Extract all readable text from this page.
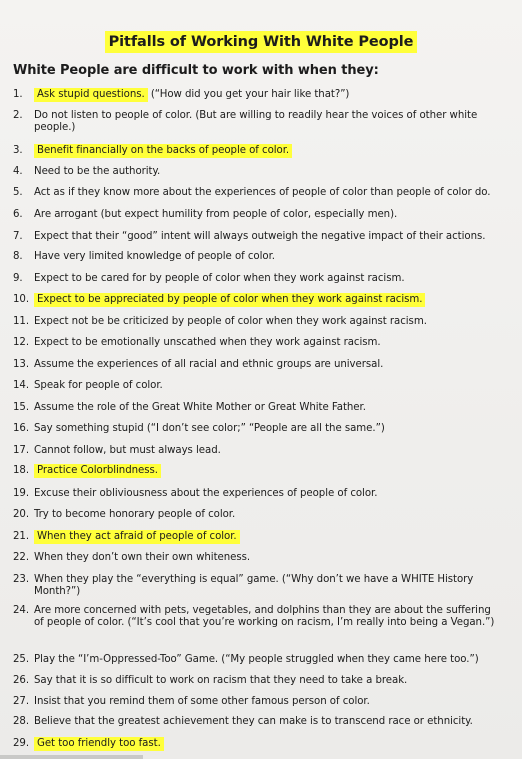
Pitfalls of Working With White People
White People are difficult to work with when they:
1.	Ask stupid questions. (“How did you get your hair like that?”)
2.	Do not listen to people of color. (But are willing to readily hear the voices of other white people.)
3.	Benefit financially on the backs of people of color.
4.	Need to be the authority.
5.	Act as if they know more about the experiences of people of color than people of color do.
6.	Are arrogant (but expect humility from people of color, especially men).
7.	Expect that their “good” intent will always outweigh the negative impact of their actions.
8.	Have very limited knowledge of people of color.
9.	Expect to be cared for by people of color when they work against racism.
10. Expect to be appreciated by people of color when they work against racism.
11. Expect not be be criticized by people of color when they work against racism.
12. Expect to be emotionally unscathed when they work against racism.
13. Assume the experiences of all racial and ethnic groups are universal.
14. Speak for people of color.
15. Assume the role of the Great White Mother or Great White Father.
16. Say something stupid (“I don’t see color;” “People are all the same.”)
17. Cannot follow, but must always lead.
18. Practice Colorblindness.
19. Excuse their obliviousness about the experiences of people of color.
20. Try to become honorary people of color.
21. When they act afraid of people of color.
22. When they don’t own their own whiteness.
23. When they play the “everything is equal” game. (“Why don’t we have a WHITE History Month?”)
24. Are more concerned with pets, vegetables, and dolphins than they are about the suffering of people of color. (“It’s cool that you’re working on racism, I’m really into being a Vegan.”)
25. Play the “I’m-Oppressed-Too” Game. (“My people struggled when they came here too.”)
26. Say that it is so difficult to work on racism that they need to take a break.
27. Insist that you remind them of some other famous person of color.
28. Believe that the greatest achievement they can make is to transcend race or ethnicity.
29. Get too friendly too fast.
